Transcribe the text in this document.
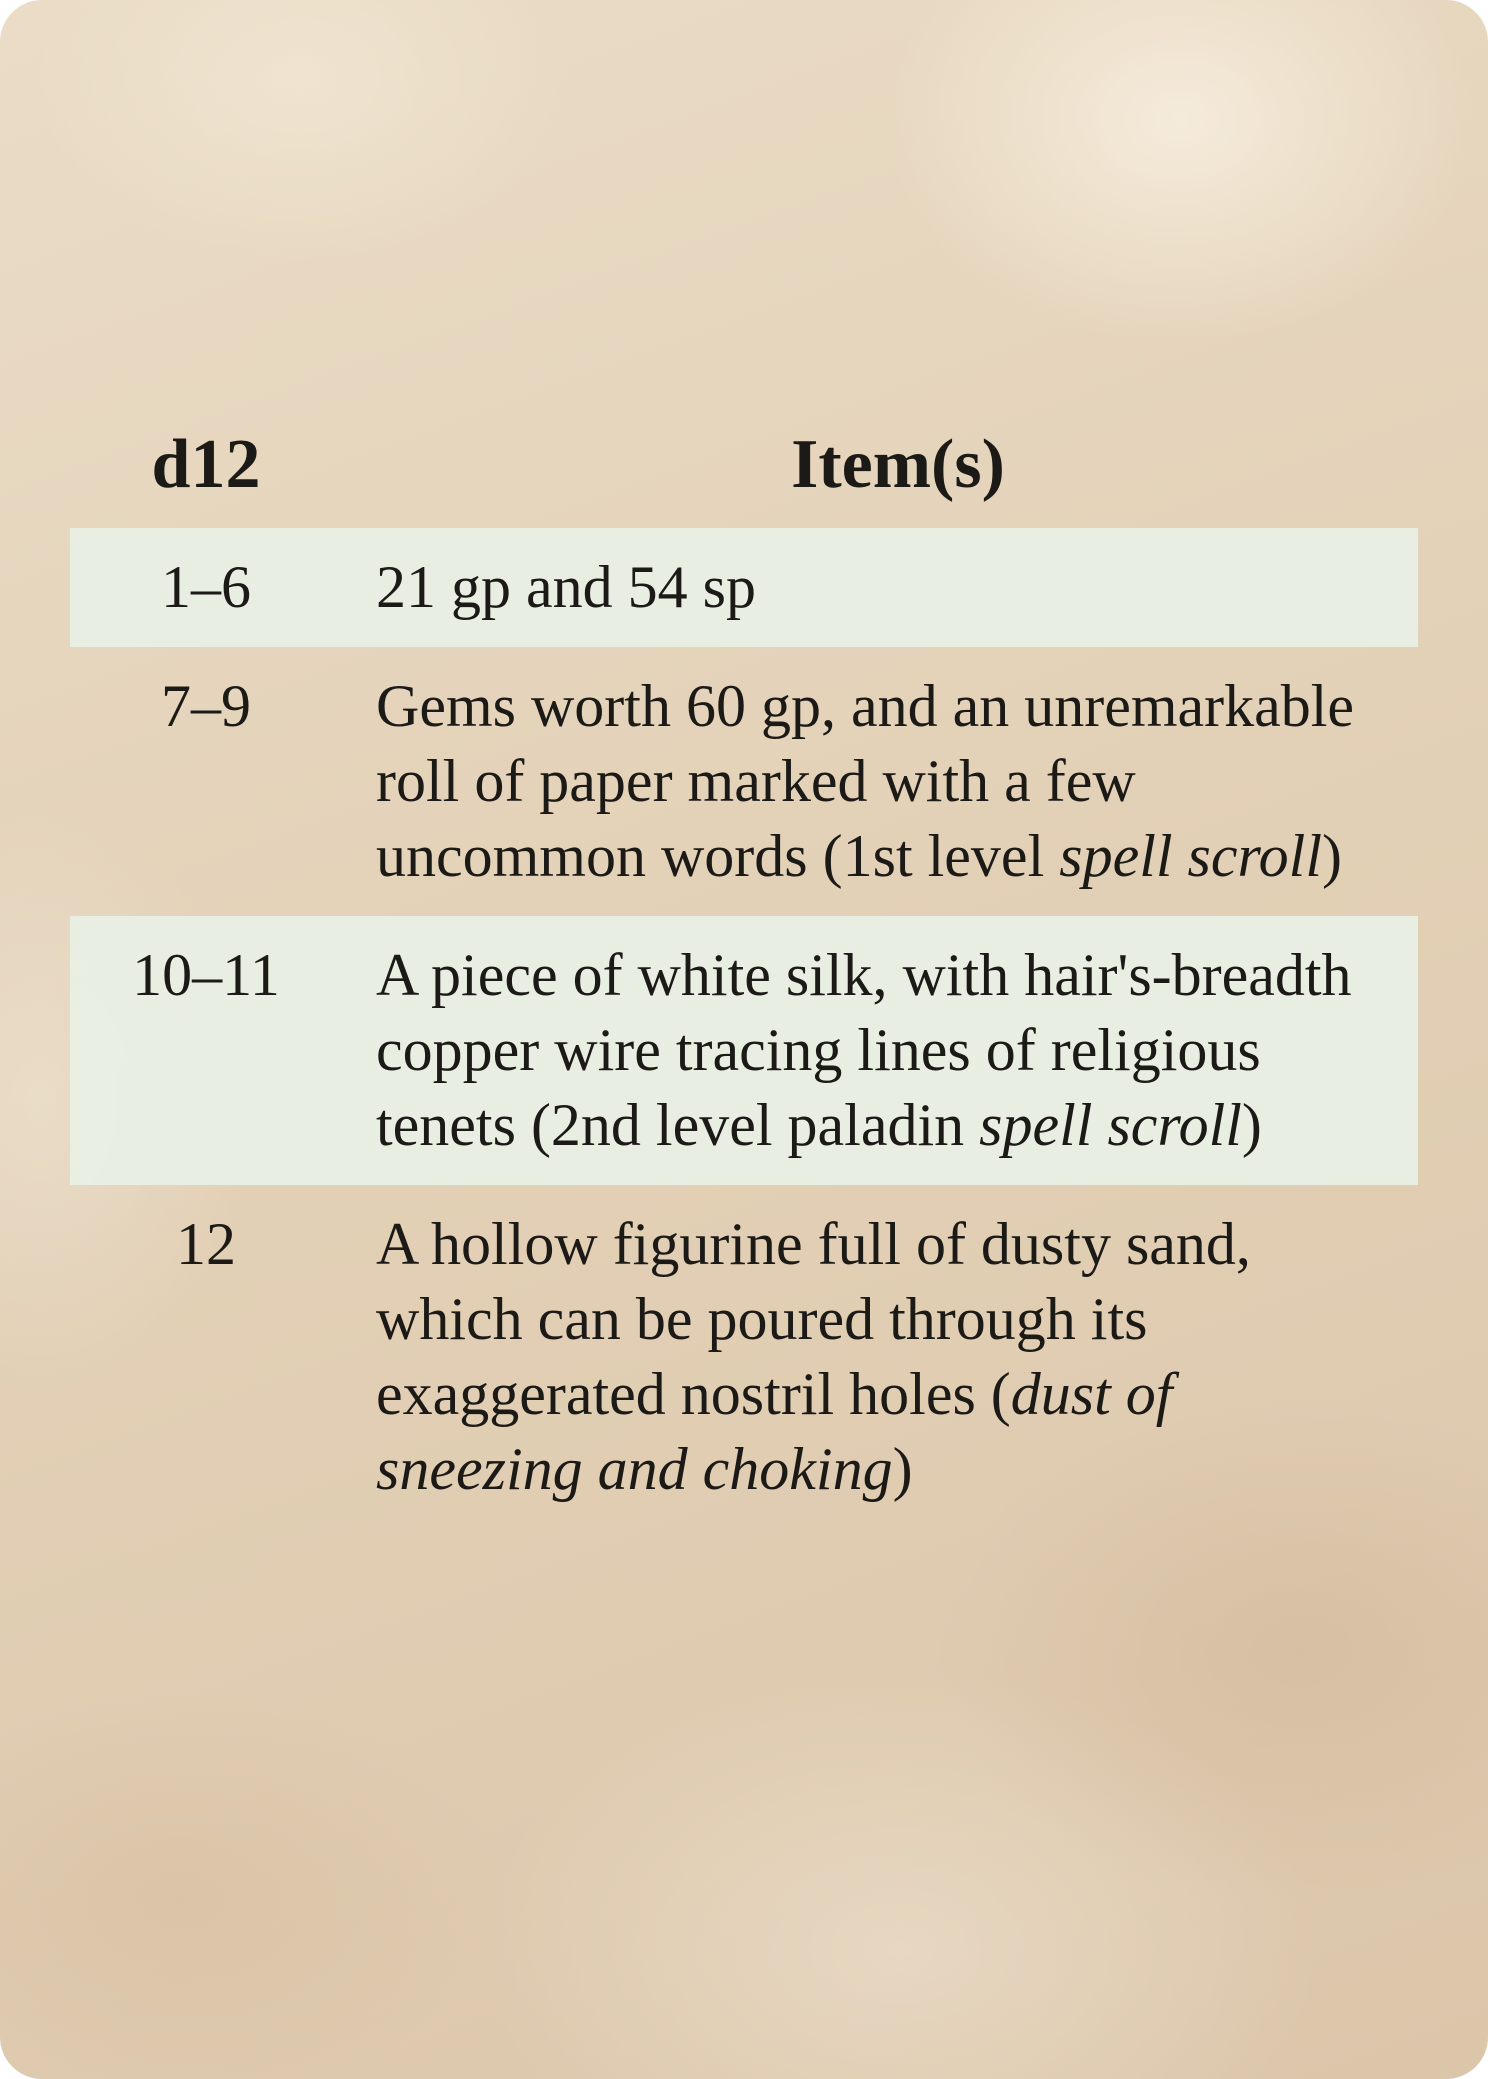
d12	Item(s)
1–6	21 gp and 54 sp
7–9	Gems worth 60 gp, and an unremarkable roll of paper marked with a few uncommon words (1st level spell scroll)
10–11	A piece of white silk, with hair's-breadth copper wire tracing lines of religious tenets (2nd level paladin spell scroll)
12	A hollow figurine full of dusty sand, which can be poured through its exaggerated nostril holes (dust of sneezing and choking)
